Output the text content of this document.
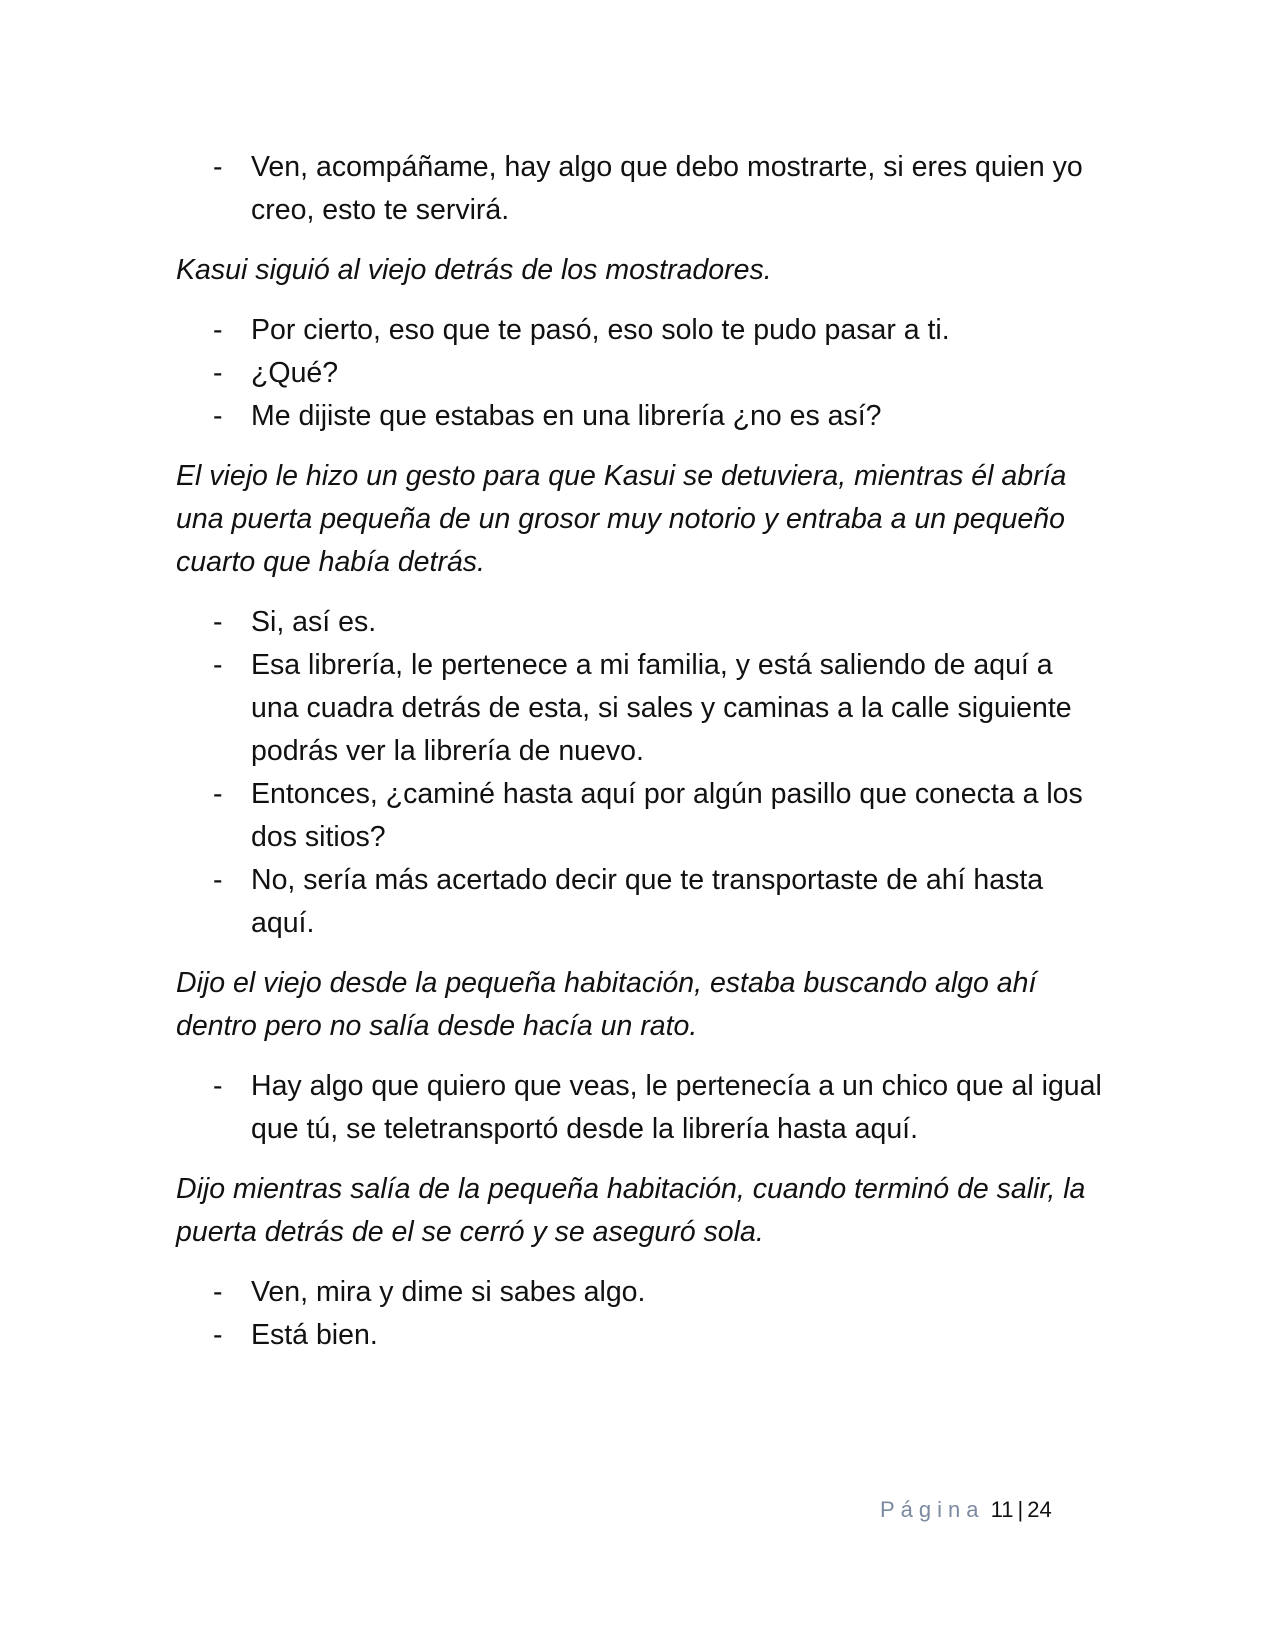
- Ven, acompáñame, hay algo que debo mostrarte, si eres quien yo creo, esto te servirá.

Kasui siguió al viejo detrás de los mostradores.

- Por cierto, eso que te pasó, eso solo te pudo pasar a ti.
- ¿Qué?
- Me dijiste que estabas en una librería ¿no es así?

El viejo le hizo un gesto para que Kasui se detuviera, mientras él abría una puerta pequeña de un grosor muy notorio y entraba a un pequeño cuarto que había detrás.

- Si, así es.
- Esa librería, le pertenece a mi familia, y está saliendo de aquí a una cuadra detrás de esta, si sales y caminas a la calle siguiente podrás ver la librería de nuevo.
- Entonces, ¿caminé hasta aquí por algún pasillo que conecta a los dos sitios?
- No, sería más acertado decir que te transportaste de ahí hasta aquí.

Dijo el viejo desde la pequeña habitación, estaba buscando algo ahí dentro pero no salía desde hacía un rato.

- Hay algo que quiero que veas, le pertenecía a un chico que al igual que tú, se teletransportó desde la librería hasta aquí.

Dijo mientras salía de la pequeña habitación, cuando terminó de salir, la puerta detrás de el se cerró y se aseguró sola.

- Ven, mira y dime si sabes algo.
- Está bien.
Página 11 | 24
